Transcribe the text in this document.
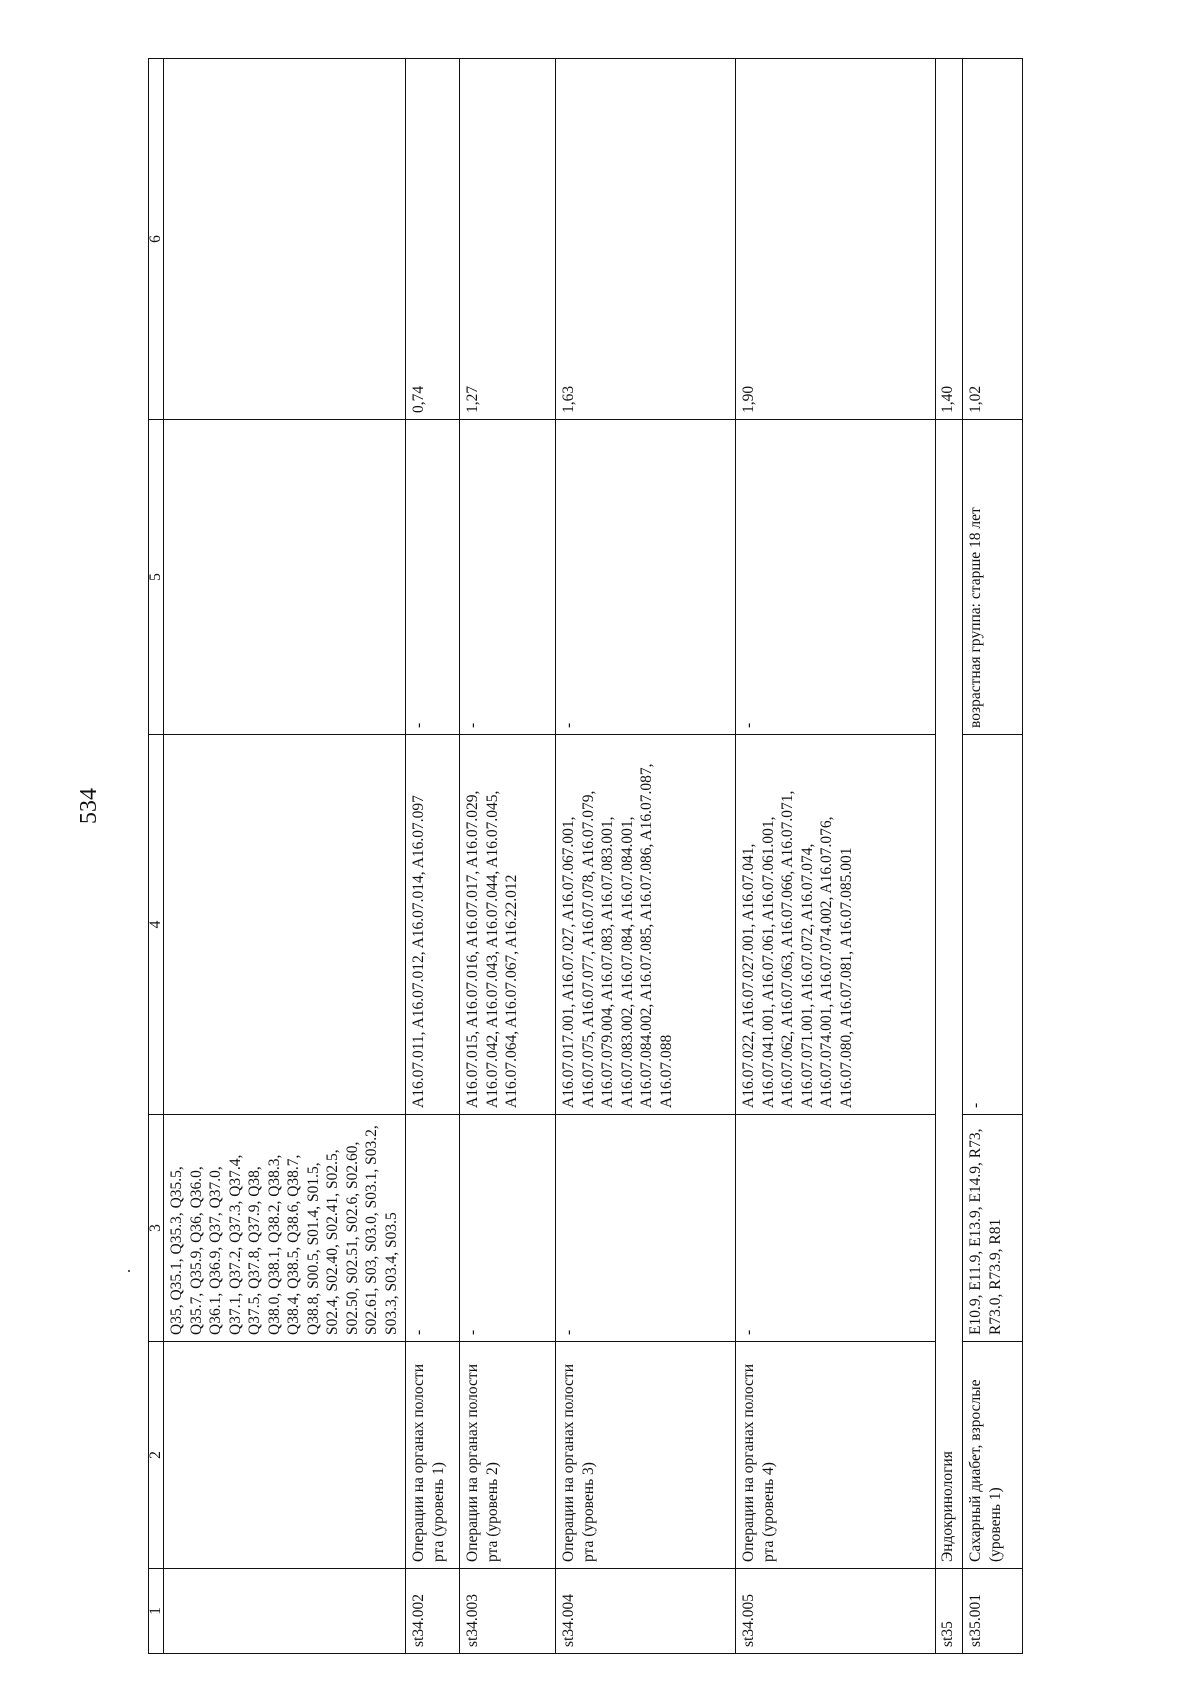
534
1	2	3	4	5	6
		Q35, Q35.1, Q35.3, Q35.5, Q35.7, Q35.9, Q36, Q36.0, Q36.1, Q36.9, Q37, Q37.0, Q37.1, Q37.2, Q37.3, Q37.4, Q37.5, Q37.8, Q37.9, Q38, Q38.0, Q38.1, Q38.2, Q38.3, Q38.4, Q38.5, Q38.6, Q38.7, Q38.8, S00.5, S01.4, S01.5, S02.4, S02.40, S02.41, S02.5, S02.50, S02.51, S02.6, S02.60, S02.61, S03, S03.0, S03.1, S03.2, S03.3, S03.4, S03.5			
st34.002	Операции на органах полости рта (уровень 1)	-	A16.07.011, A16.07.012, A16.07.014, A16.07.097	-	0,74
st34.003	Операции на органах полости рта (уровень 2)	-	A16.07.015, A16.07.016, A16.07.017, A16.07.029, A16.07.042, A16.07.043, A16.07.044, A16.07.045, A16.07.064, A16.07.067, A16.22.012	-	1,27
st34.004	Операции на органах полости рта (уровень 3)	-	A16.07.017.001, A16.07.027, A16.07.067.001, A16.07.075, A16.07.077, A16.07.078, A16.07.079, A16.07.079.004, A16.07.083, A16.07.083.001, A16.07.083.002, A16.07.084, A16.07.084.001, A16.07.084.002, A16.07.085, A16.07.086, A16.07.087, A16.07.088	-	1,63
st34.005	Операции на органах полости рта (уровень 4)	-	A16.07.022, A16.07.027.001, A16.07.041, A16.07.041.001, A16.07.061, A16.07.061.001, A16.07.062, A16.07.063, A16.07.066, A16.07.071, A16.07.071.001, A16.07.072, A16.07.074, A16.07.074.001, A16.07.074.002, A16.07.076, A16.07.080, A16.07.081, A16.07.085.001	-	1,90
st35	Эндокринология				1,40
st35.001	Сахарный диабет, взрослые (уровень 1)	E10.9, E11.9, E13.9, E14.9, R73, R73.0, R73.9, R81	-	возрастная группа: старше 18 лет	1,02
